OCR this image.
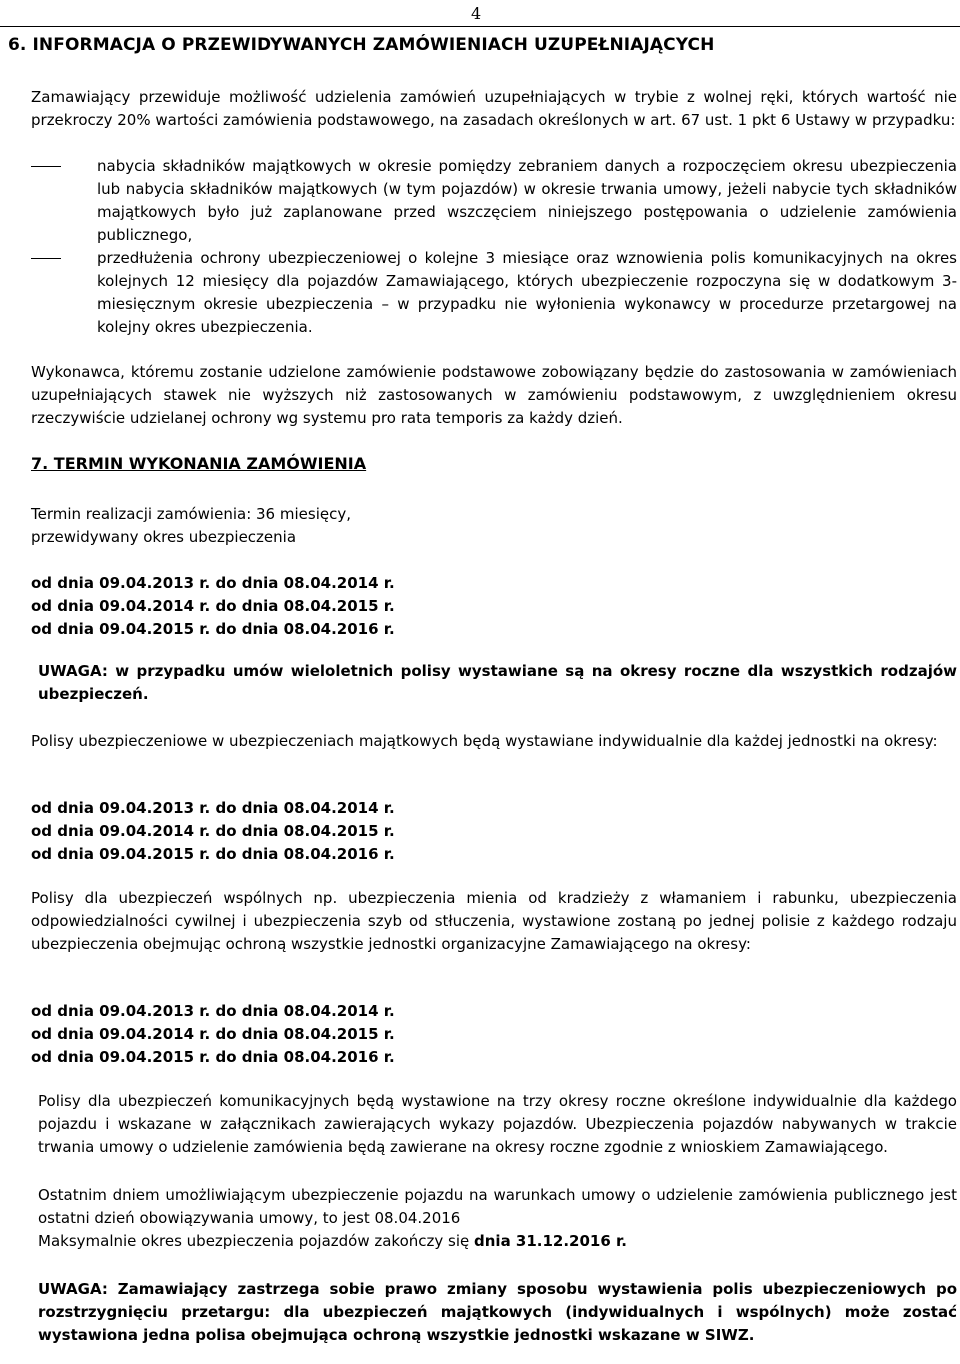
4
6. INFORMACJA O PRZEWIDYWANYCH ZAMÓWIENIACH UZUPEŁNIAJĄCYCH
Zamawiający przewiduje możliwość udzielenia zamówień uzupełniających w trybie z wolnej ręki, których wartość nie przekroczy 20% wartości zamówienia podstawowego, na zasadach określonych w art. 67 ust. 1 pkt 6 Ustawy w przypadku:
nabycia składników majątkowych w okresie pomiędzy zebraniem danych a rozpoczęciem okresu ubezpieczenia lub nabycia składników majątkowych (w tym pojazdów) w okresie trwania umowy, jeżeli nabycie tych składników majątkowych było już zaplanowane przed wszczęciem niniejszego postępowania o udzielenie zamówienia publicznego,
przedłużenia ochrony ubezpieczeniowej o kolejne 3 miesiące oraz wznowienia polis komunikacyjnych na okres kolejnych 12 miesięcy dla pojazdów Zamawiającego, których ubezpieczenie rozpoczyna się w dodatkowym 3-miesięcznym okresie ubezpieczenia – w przypadku nie wyłonienia wykonawcy w procedurze przetargowej na kolejny okres ubezpieczenia.
Wykonawca, któremu zostanie udzielone zamówienie podstawowe zobowiązany będzie do zastosowania w zamówieniach uzupełniających stawek nie wyższych niż zastosowanych w zamówieniu podstawowym, z uwzględnieniem okresu rzeczywiście udzielanej ochrony wg systemu pro rata temporis za każdy dzień.
7. TERMIN WYKONANIA ZAMÓWIENIA
Termin realizacji zamówienia: 36 miesięcy,
przewidywany okres ubezpieczenia
od dnia 09.04.2013 r. do dnia 08.04.2014 r.
od dnia 09.04.2014 r. do dnia 08.04.2015 r.
od dnia 09.04.2015 r. do dnia 08.04.2016 r.
UWAGA: w przypadku umów wieloletnich polisy wystawiane są na okresy roczne dla wszystkich rodzajów ubezpieczeń.
Polisy ubezpieczeniowe w ubezpieczeniach majątkowych będą wystawiane indywidualnie dla każdej jednostki na okresy:
od dnia 09.04.2013 r. do dnia 08.04.2014 r.
od dnia 09.04.2014 r. do dnia 08.04.2015 r.
od dnia 09.04.2015 r. do dnia 08.04.2016 r.
Polisy dla ubezpieczeń wspólnych np. ubezpieczenia mienia od kradzieży z włamaniem i rabunku, ubezpieczenia odpowiedzialności cywilnej i ubezpieczenia szyb od stłuczenia, wystawione zostaną po jednej polisie z każdego rodzaju ubezpieczenia obejmując ochroną wszystkie jednostki organizacyjne Zamawiającego na okresy:
od dnia 09.04.2013 r. do dnia 08.04.2014 r.
od dnia 09.04.2014 r. do dnia 08.04.2015 r.
od dnia 09.04.2015 r. do dnia 08.04.2016 r.
Polisy dla ubezpieczeń komunikacyjnych będą wystawione na trzy okresy roczne określone indywidualnie dla każdego pojazdu i wskazane w załącznikach zawierających wykazy pojazdów. Ubezpieczenia pojazdów nabywanych w trakcie trwania umowy o udzielenie zamówienia będą zawierane na okresy roczne zgodnie z wnioskiem Zamawiającego.
Ostatnim dniem umożliwiającym ubezpieczenie pojazdu na warunkach umowy o udzielenie zamówienia publicznego jest ostatni dzień obowiązywania umowy, to jest 08.04.2016
Maksymalnie okres ubezpieczenia pojazdów zakończy się dnia 31.12.2016 r.
UWAGA: Zamawiający zastrzega sobie prawo zmiany sposobu wystawienia polis ubezpieczeniowych po rozstrzygnięciu przetargu: dla ubezpieczeń majątkowych (indywidualnych i wspólnych) może zostać wystawiona jedna polisa obejmująca ochroną wszystkie jednostki wskazane w SIWZ.
